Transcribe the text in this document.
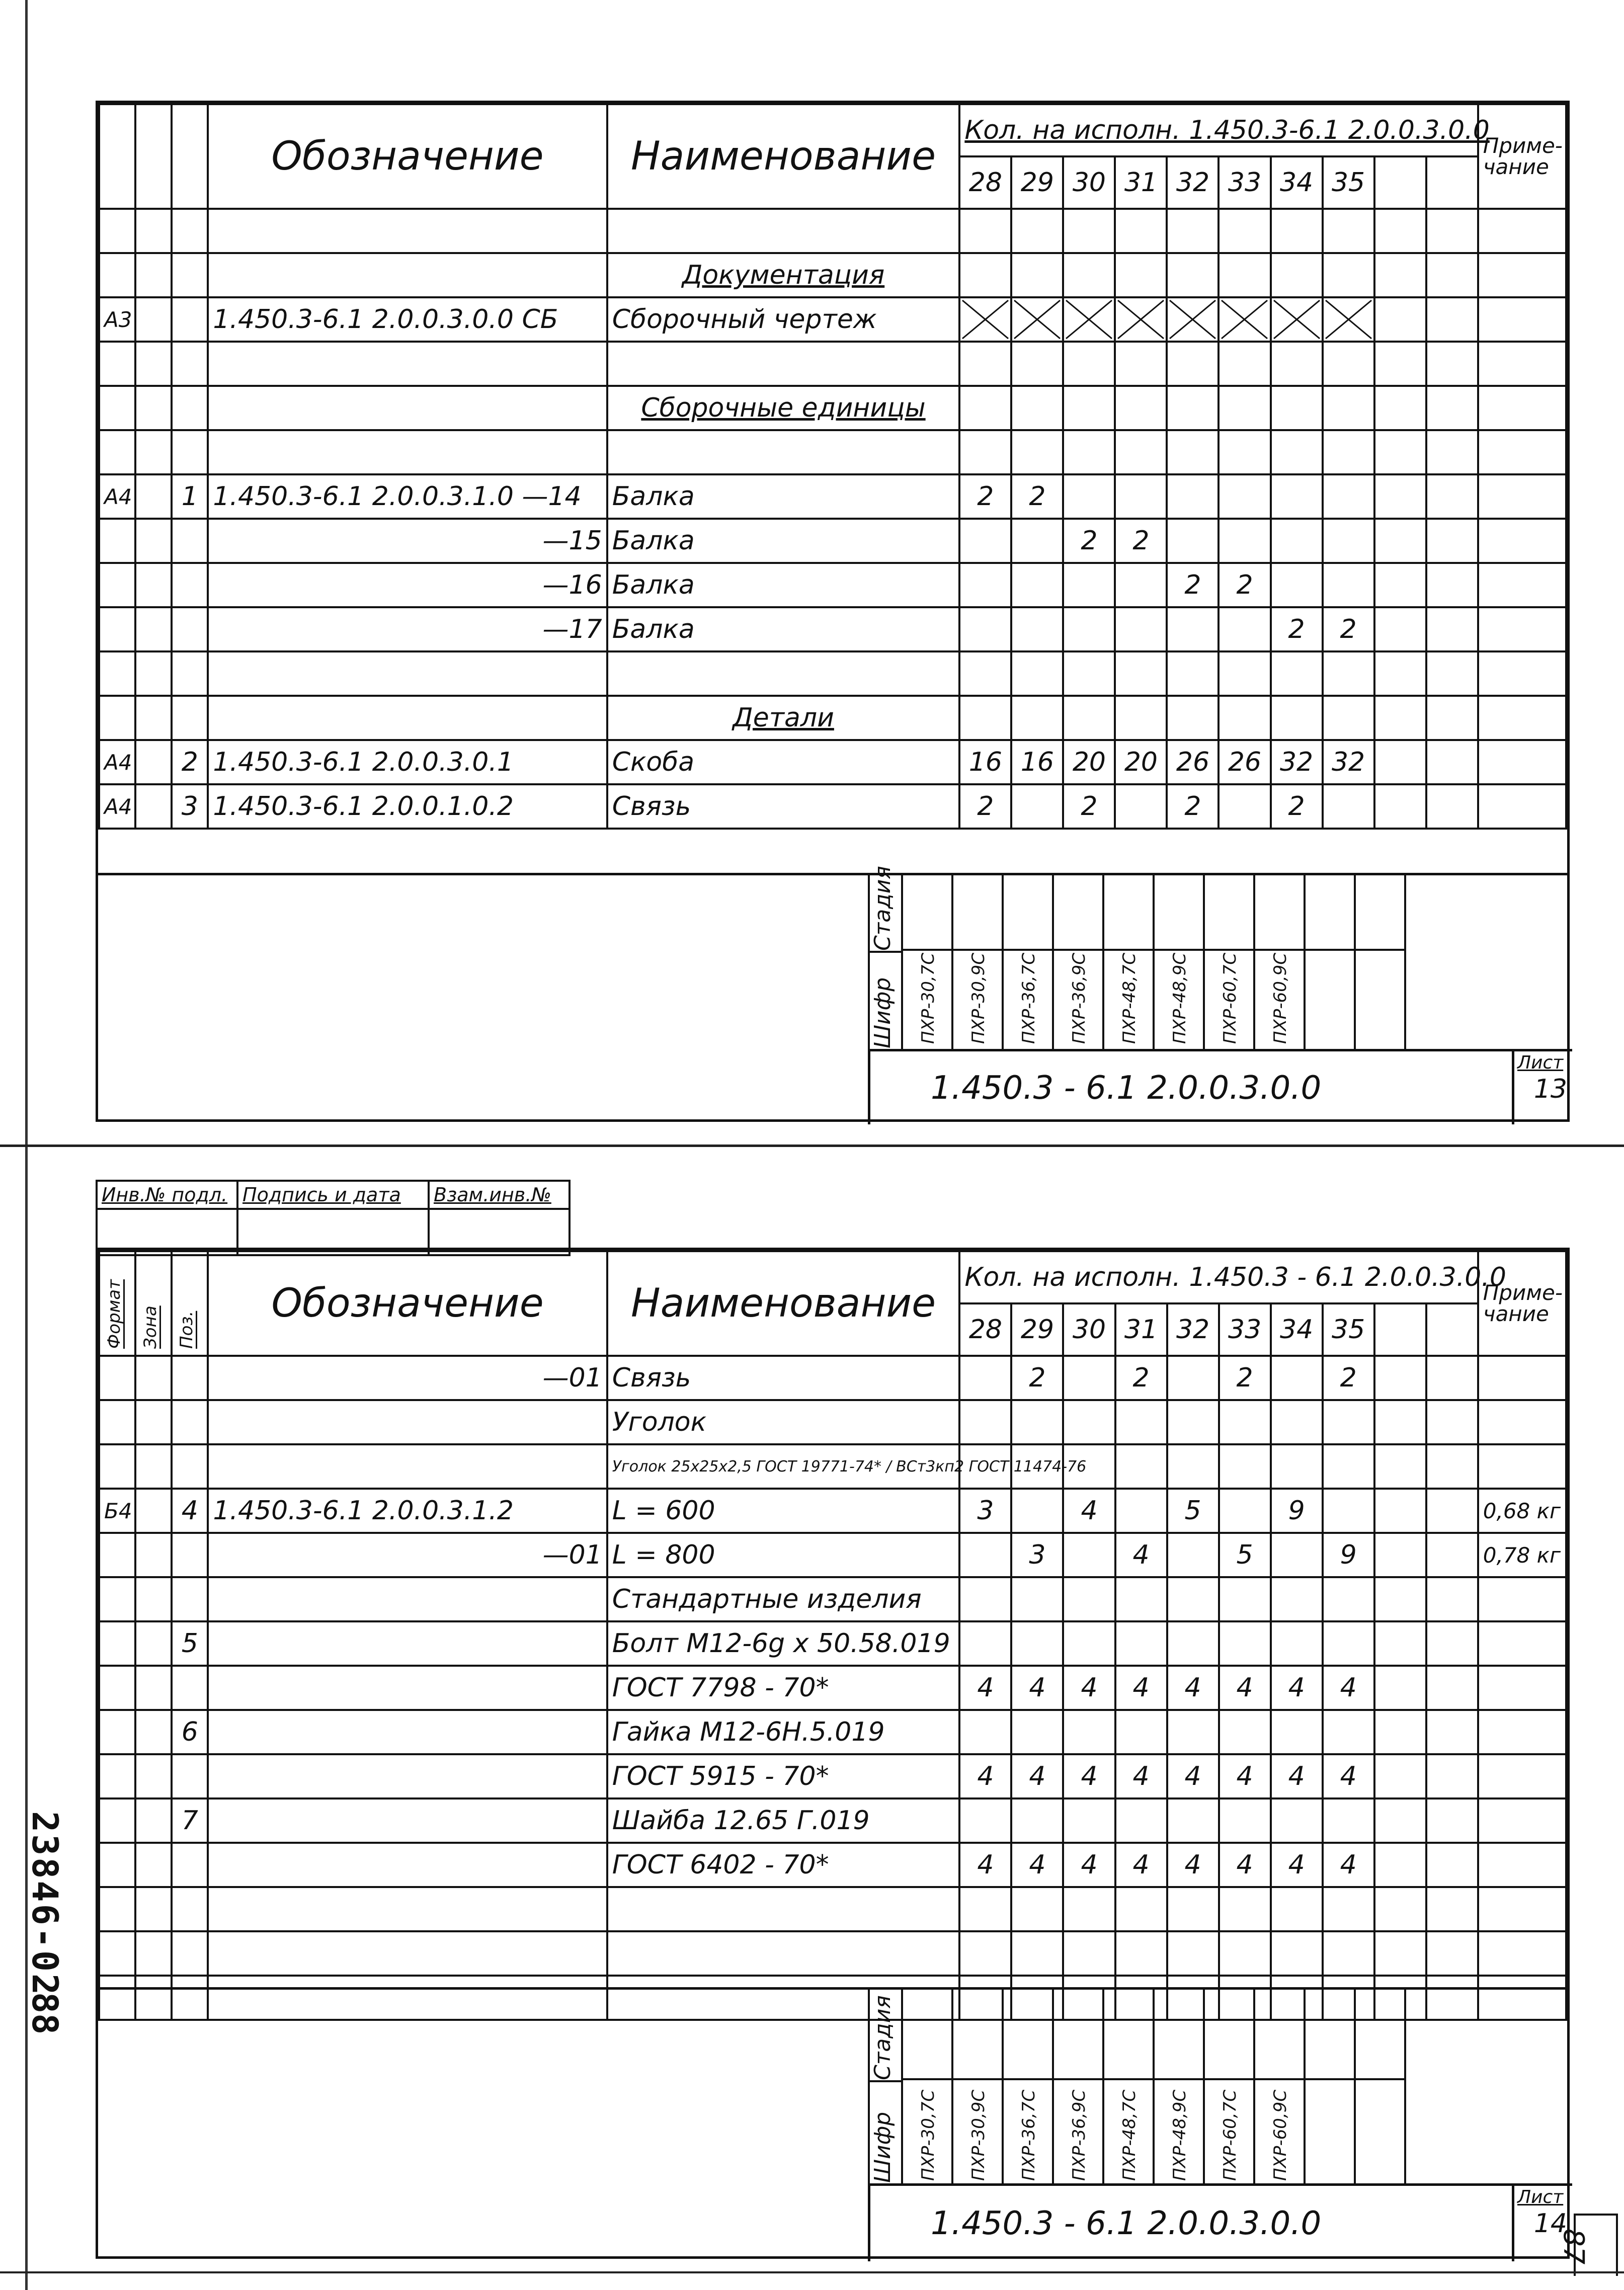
			Обозначение	Наименование	Кол. на исполн. 1.450.3-6.1 2.0.0.3.0.0										Приме-чание
					28	29	30	31	32	33	34	35			

				Документация											
А3			1.450.3-6.1 2.0.0.3.0.0 СБ	Сборочный чертеж	

				Сборочные единицы											

А4		1	1.450.3-6.1 2.0.0.3.1.0 —14	Балка	2	2									
			—15	Балка			2	2							
			—16	Балка					2	2					
			—17	Балка							2	2			

				Детали											
А4		2	1.450.3-6.1 2.0.0.3.0.1	Скоба	16	16	20	20	26	26	32	32			
А4		3	1.450.3-6.1 2.0.0.1.0.2	Связь	2		2		2		2				
Стадия
Шифр ПХР-30,7С ПХР-30,9С ПХР-36,7С ПХР-36,9С ПХР-48,7С ПХР-48,9С ПХР-60,7С ПХР-60,9С
1.450.3 - 6.1 2.0.0.3.0.0
Лист
13
Инв.№ подл.	Подпись и дата	Взам.инв.№

Формат	Зона	Поз.	Обозначение	Наименование	Кол. на исполн. 1.450.3 - 6.1 2.0.0.3.0.0										Приме-чание
					28	29	30	31	32	33	34	35			
			—01	Связь		2		2		2		2			
				Уголок											
				Уголок 25x25x2,5 ГОСТ 19771-74* / ВСт3кп2 ГОСТ 11474-76											
Б4		4	1.450.3-6.1 2.0.0.3.1.2	L = 600	3		4		5		9				0,68 кг
			—01	L = 800		3		4		5		9			0,78 кг
				Стандартные изделия											
		5		Болт М12-6g x 50.58.019											
				ГОСТ 7798 - 70*	4	4	4	4	4	4	4	4			
		6		Гайка М12-6Н.5.019											
				ГОСТ 5915 - 70*	4	4	4	4	4	4	4	4			
		7		Шайба 12.65 Г.019											
				ГОСТ 6402 - 70*	4	4	4	4	4	4	4	4			

Стадия
Шифр ПХР-30,7С ПХР-30,9С ПХР-36,7С ПХР-36,9С ПХР-48,7С ПХР-48,9С ПХР-60,7С ПХР-60,9С
1.450.3 - 6.1 2.0.0.3.0.0
Лист
14
23846-02
88
87
